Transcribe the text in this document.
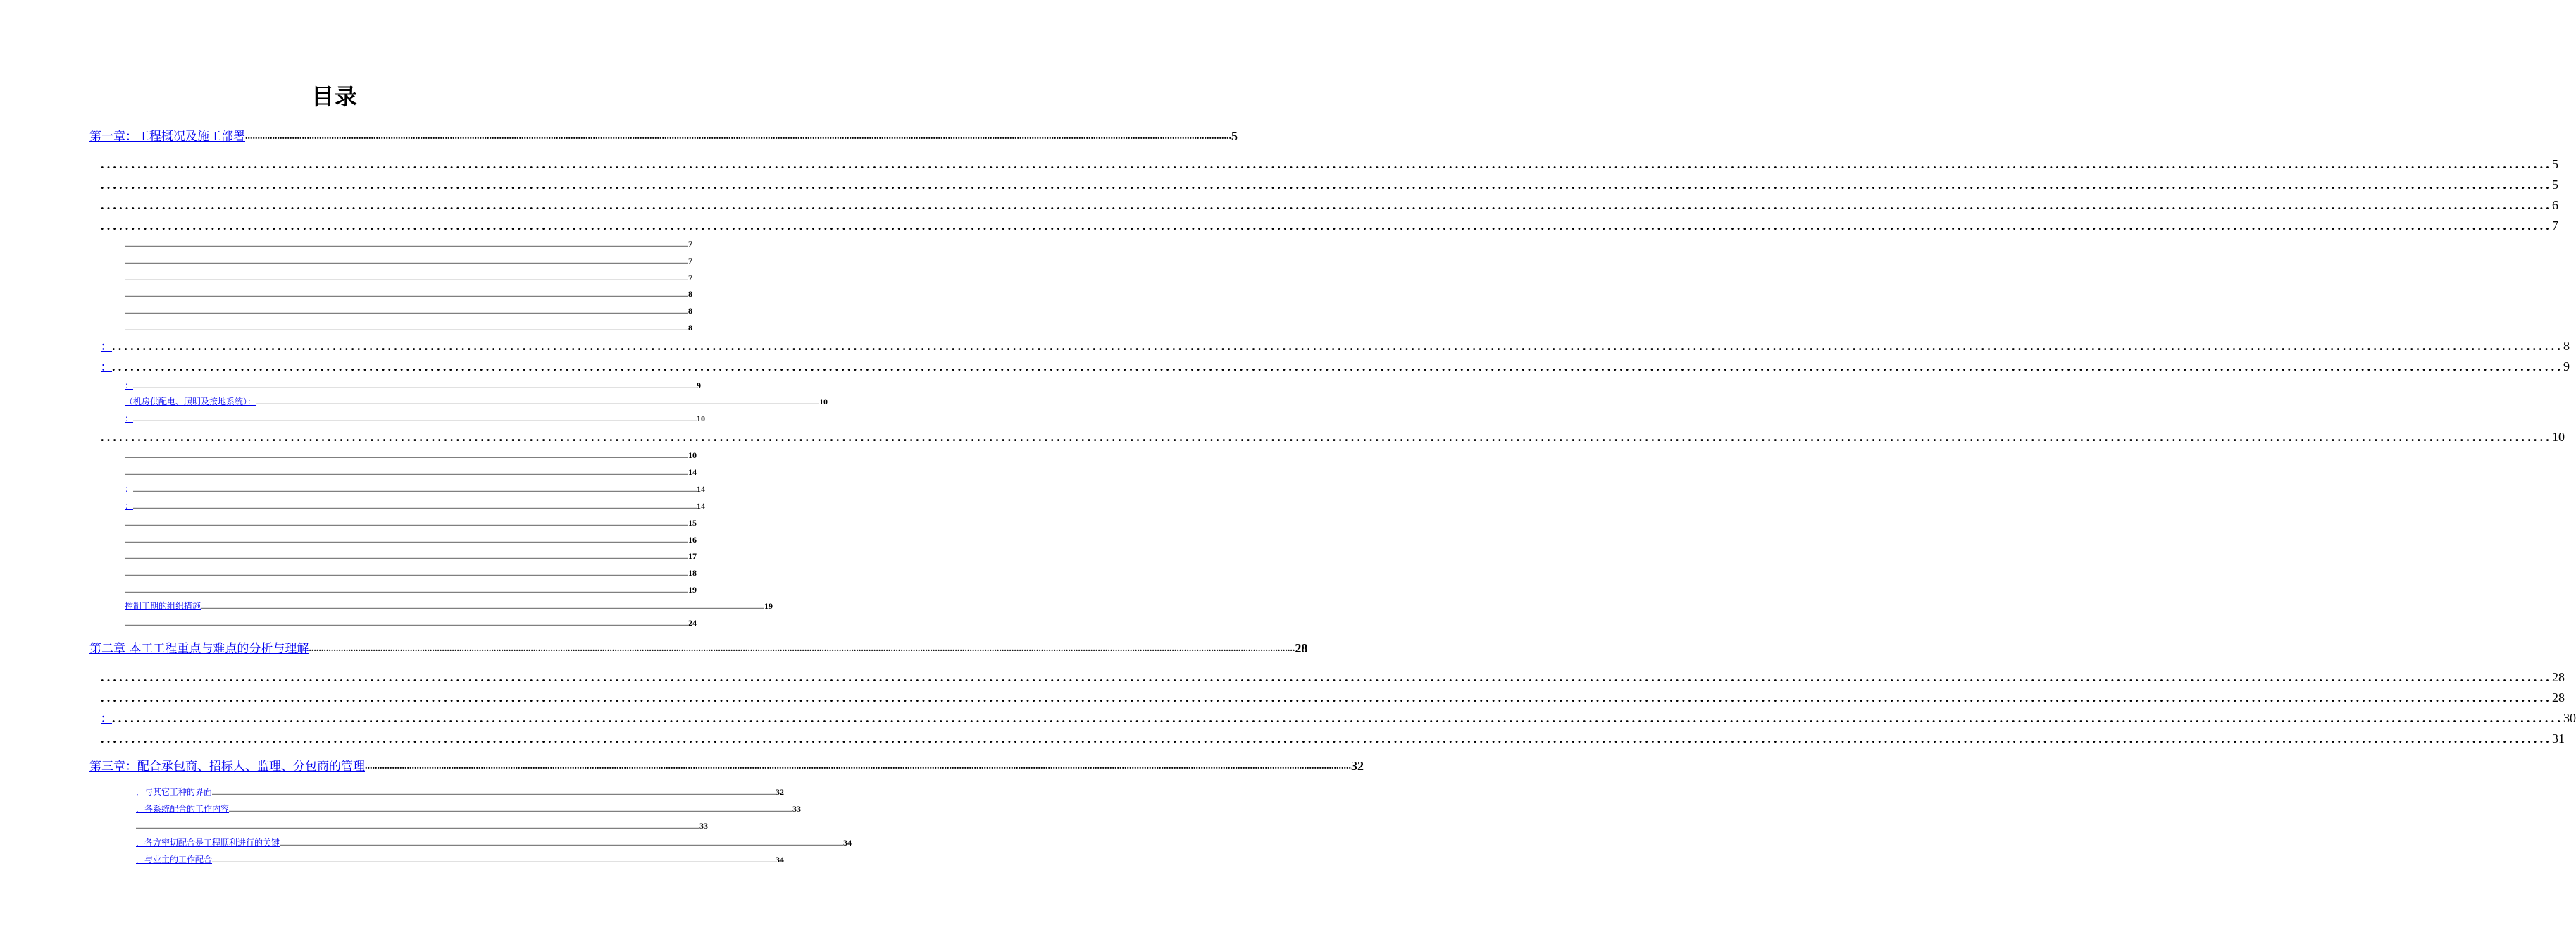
目录
第一章：工程概况及施工部署 ................................................................................................................................................................................................................................................................................................................................................................................................................ 5
................................................................................................................................................................................................................................................................................................................................................................................................................ 5
................................................................................................................................................................................................................................................................................................................................................................................................................ 5
................................................................................................................................................................................................................................................................................................................................................................................................................ 6
................................................................................................................................................................................................................................................................................................................................................................................................................ 7
................................................................................................................................................................................................................................................................................................................................................................................................................ 7
................................................................................................................................................................................................................................................................................................................................................................................................................ 7
................................................................................................................................................................................................................................................................................................................................................................................................................ 7
................................................................................................................................................................................................................................................................................................................................................................................................................ 8
................................................................................................................................................................................................................................................................................................................................................................................................................ 8
................................................................................................................................................................................................................................................................................................................................................................................................................ 8
： ................................................................................................................................................................................................................................................................................................................................................................................................................ 8
： ................................................................................................................................................................................................................................................................................................................................................................................................................ 9
： ................................................................................................................................................................................................................................................................................................................................................................................................................ 9
（机房供配电、照明及接地系统）： ................................................................................................................................................................................................................................................................................................................................................................................................................ 10
： ................................................................................................................................................................................................................................................................................................................................................................................................................ 10
................................................................................................................................................................................................................................................................................................................................................................................................................ 10
................................................................................................................................................................................................................................................................................................................................................................................................................ 10
................................................................................................................................................................................................................................................................................................................................................................................................................ 14
： ................................................................................................................................................................................................................................................................................................................................................................................................................ 14
： ................................................................................................................................................................................................................................................................................................................................................................................................................ 14
................................................................................................................................................................................................................................................................................................................................................................................................................ 15
................................................................................................................................................................................................................................................................................................................................................................................................................ 16
................................................................................................................................................................................................................................................................................................................................................................................................................ 17
................................................................................................................................................................................................................................................................................................................................................................................................................ 18
................................................................................................................................................................................................................................................................................................................................................................................................................ 19
控制工期的组织措施 ................................................................................................................................................................................................................................................................................................................................................................................................................ 19
................................................................................................................................................................................................................................................................................................................................................................................................................ 24
第二章 本工工程重点与难点的分析与理解 ................................................................................................................................................................................................................................................................................................................................................................................................................ 28
................................................................................................................................................................................................................................................................................................................................................................................................................ 28
................................................................................................................................................................................................................................................................................................................................................................................................................ 28
： ................................................................................................................................................................................................................................................................................................................................................................................................................ 30
................................................................................................................................................................................................................................................................................................................................................................................................................ 31
第三章：配合承包商、招标人、监理、分包商的管理 ................................................................................................................................................................................................................................................................................................................................................................................................................ 32
．与其它工种的界面 ................................................................................................................................................................................................................................................................................................................................................................................................................ 32
．各系统配合的工作内容 ................................................................................................................................................................................................................................................................................................................................................................................................................ 33
................................................................................................................................................................................................................................................................................................................................................................................................................ 33
．各方密切配合是工程顺利进行的关键 ................................................................................................................................................................................................................................................................................................................................................................................................................ 34
．与业主的工作配合 ................................................................................................................................................................................................................................................................................................................................................................................................................ 34
